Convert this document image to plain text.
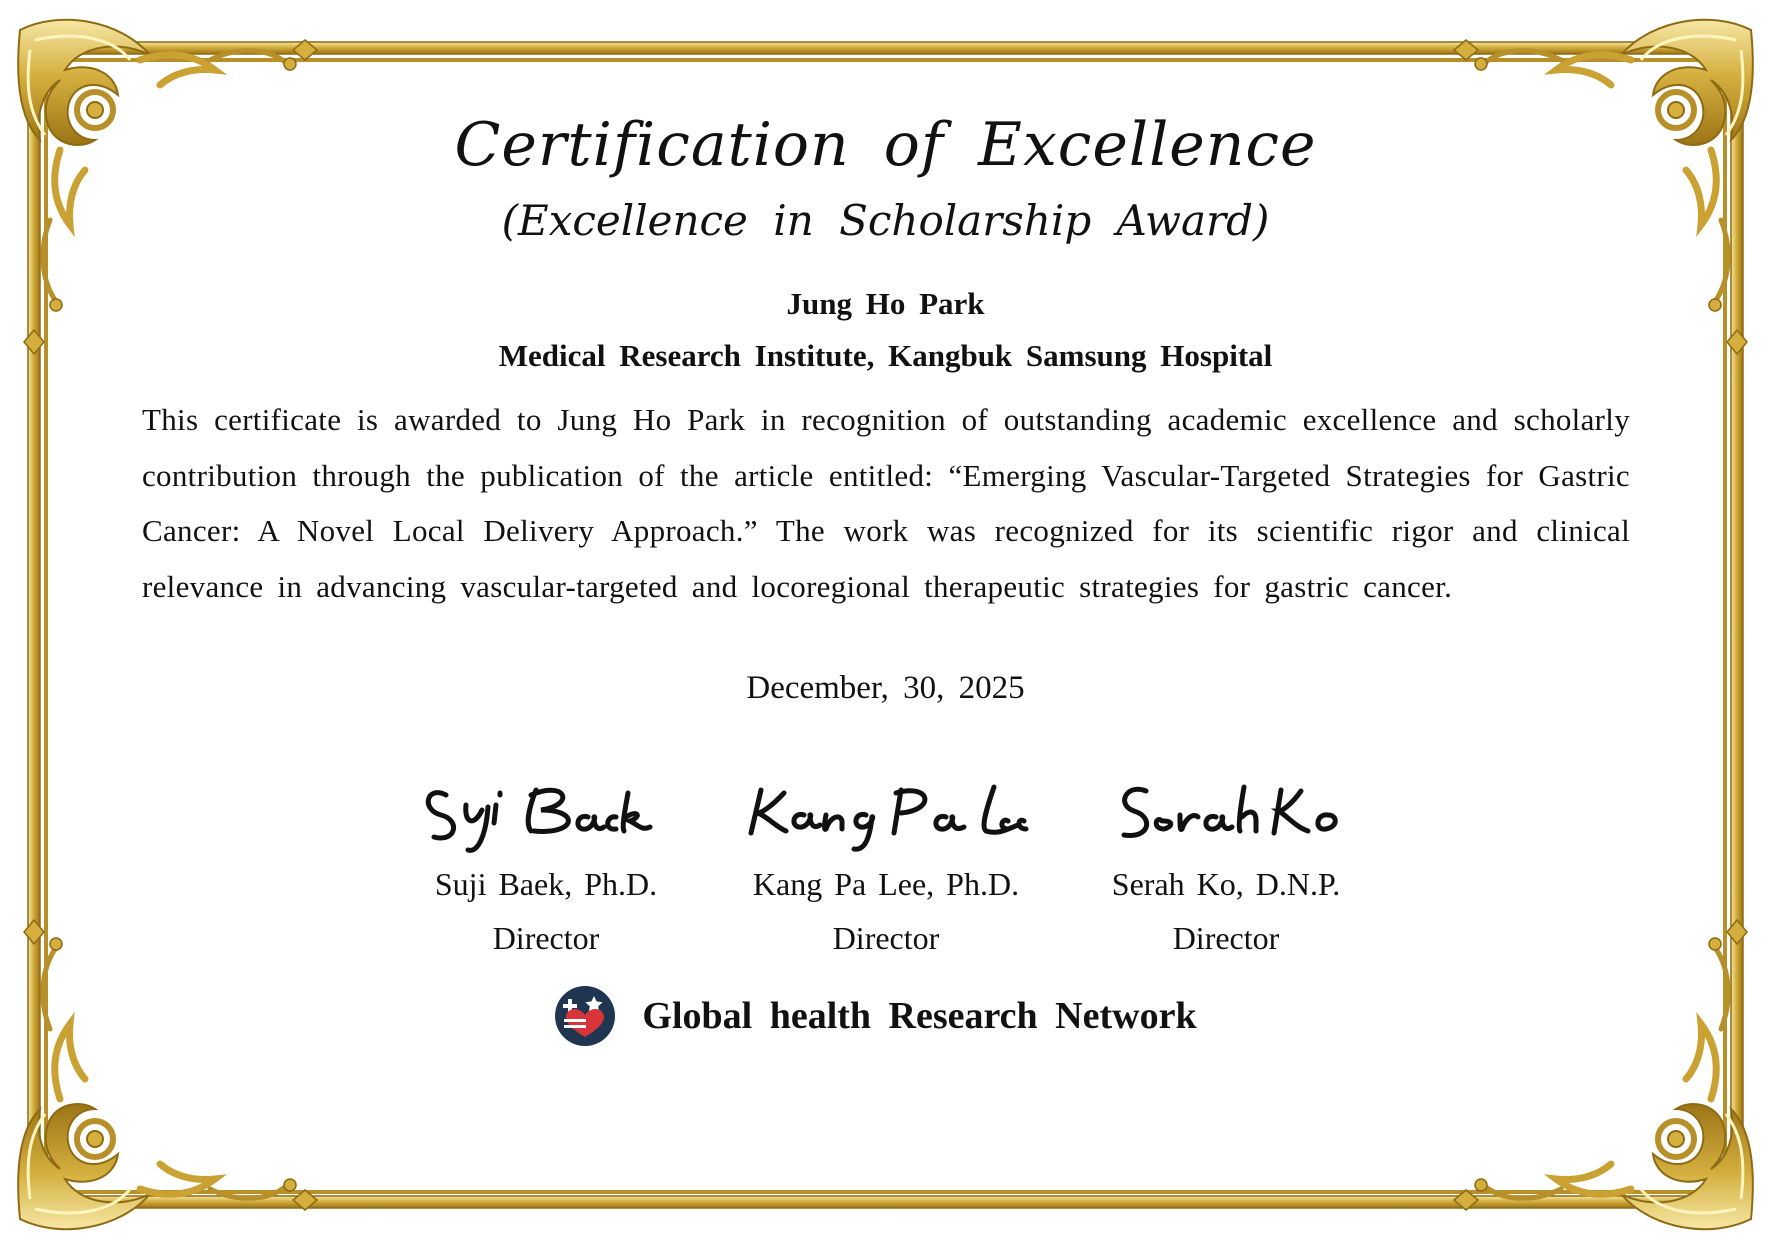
Certification of Excellence
(Excellence in Scholarship Award)
Jung Ho Park
Medical Research Institute, Kangbuk Samsung Hospital
This certificate is awarded to Jung Ho Park in recognition of outstanding academic excellence and scholarly contribution through the publication of the article entitled: “Emerging Vascular-Targeted Strategies for Gastric Cancer: A Novel Local Delivery Approach.” The work was recognized for its scientific rigor and clinical relevance in advancing vascular-targeted and locoregional therapeutic strategies for gastric cancer.
December, 30, 2025
Suji Baek, Ph.D.
Director
Kang Pa Lee, Ph.D.
Director
Serah Ko, D.N.P.
Director
Global health Research Network
